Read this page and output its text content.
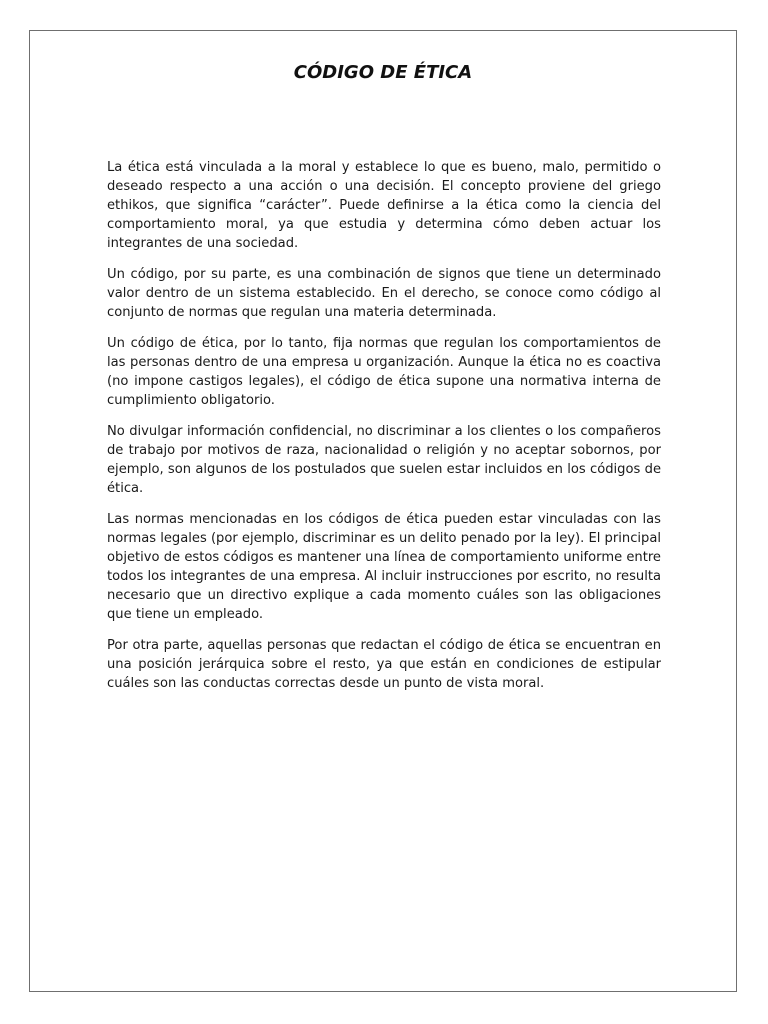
CÓDIGO DE ÉTICA

La ética está vinculada a la moral y establece lo que es bueno, malo, permitido o deseado respecto a una acción o una decisión. El concepto proviene del griego ethikos, que significa “carácter”. Puede definirse a la ética como la ciencia del comportamiento moral, ya que estudia y determina cómo deben actuar los integrantes de una sociedad.

Un código, por su parte, es una combinación de signos que tiene un determinado valor dentro de un sistema establecido. En el derecho, se conoce como código al conjunto de normas que regulan una materia determinada.

Un código de ética, por lo tanto, fija normas que regulan los comportamientos de las personas dentro de una empresa u organización. Aunque la ética no es coactiva (no impone castigos legales), el código de ética supone una normativa interna de cumplimiento obligatorio.

No divulgar información confidencial, no discriminar a los clientes o los compañeros de trabajo por motivos de raza, nacionalidad o religión y no aceptar sobornos, por ejemplo, son algunos de los postulados que suelen estar incluidos en los códigos de ética.

Las normas mencionadas en los códigos de ética pueden estar vinculadas con las normas legales (por ejemplo, discriminar es un delito penado por la ley). El principal objetivo de estos códigos es mantener una línea de comportamiento uniforme entre todos los integrantes de una empresa. Al incluir instrucciones por escrito, no resulta necesario que un directivo explique a cada momento cuáles son las obligaciones que tiene un empleado.

Por otra parte, aquellas personas que redactan el código de ética se encuentran en una posición jerárquica sobre el resto, ya que están en condiciones de estipular cuáles son las conductas correctas desde un punto de vista moral.
